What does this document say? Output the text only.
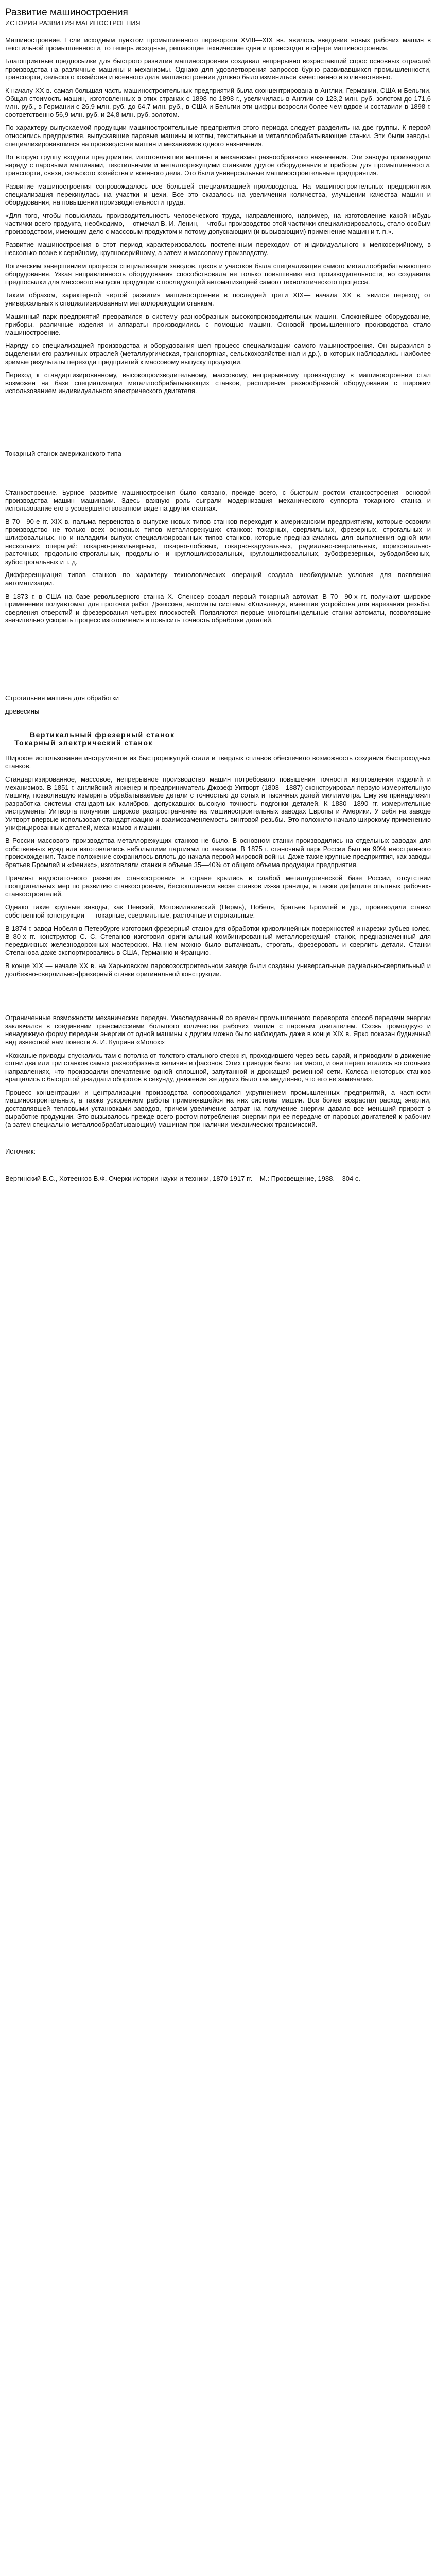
Развитие машиностроения
ИСТОРИЯ РАЗВИТИЯ МАГИНОСТРОЕНИЯ

Машиностроение. Если исходным пунктом промышленного переворота XVIII—XIX вв. явилось введение новых рабочих машин в текстильной промышленности, то теперь исходные, решающие технические сдвиги происходят в сфере машиностроения.

Благоприятные предпосылки для быстрого развития машиностроения создавал непрерывно возраставший спрос основных отраслей производства на различные машины и механизмы. Однако для удовлетворения запросов бурно развивавшихся промышленности, транспорта, сельского хозяйства и военного дела машиностроение должно было измениться качественно и количественно.

К началу XX в. самая большая часть машиностроительных предприятий была сконцентрирована в Англии, Германии, США и Бельгии. Общая стоимость машин, изготовленных в этих странах с 1898 по 1898 г., увеличилась в Англии со 123,2 млн. руб. золотом до 171,6 млн. руб., в Германии с 26,9 млн. руб. до 64,7 млн. руб., в США и Бельгии эти цифры возросли более чем вдвое и составили в 1898 г. соответственно 56,9 млн. руб. и 24,8 млн. руб. золотом.

По характеру выпускаемой продукции машиностроительные предприятия этого периода следует разделить на две группы. К первой относились предприятия, выпускавшие паровые машины и котлы, текстильные и металлообрабатывающие станки. Эти были заводы, специализировавшиеся на производстве машин и механизмов одного назначения.

Во вторую группу входили предприятия, изготовлявшие машины и механизмы разнообразного назначения. Эти заводы производили наряду с паровыми машинами, текстильными и металлорежущими станками другое оборудование и приборы для промышленности, транспорта, связи, сельского хозяйства и военного дела. Это были универсальные машиностроительные предприятия.

Развитие машиностроения сопровождалось все большей специализацией производства. На машиностроительных предприятиях специализация перекинулась на участки и цехи. Все это сказалось на увеличении количества, улучшении качества машин и оборудования, на повышении производительности труда.

«Для того, чтобы повысилась производительность человеческого труда, направленного, например, на изготовление какой-нибудь частички всего продукта, необходимо,— отмечал В. И. Ленин,— чтобы производство этой частички специализировалось, стало особым производством, имеющим дело с массовым продуктом и потому допускающим (и вызывающим) применение машин и т. п.».

Развитие машиностроения в этот период характеризовалось постепенным переходом от индивидуального к мелкосерийному, в несколько позже к серийному, крупносерийному, а затем и массовому производству.

Логическим завершением процесса специализации заводов, цехов и участков была специализация самого металлообрабатывающего оборудования. Узкая направленность оборудования способствовала не только повышению его производительности, но создавала предпосылки для массового выпуска продукции с последующей автоматизацией самого технологического процесса.

Таким образом, характерной чертой развития машиностроения в последней трети XIX— начала XX в. явился переход от универсальных к специализированным металлорежущим станкам.

Машинный парк предприятий превратился в систему разнообразных высокопроизводительных машин. Сложнейшее оборудование, приборы, различные изделия и аппараты производились с помощью машин. Основой промышленного производства стало машиностроение.

Наряду со специализацией производства и оборудования шел процесс специализации самого машиностроения. Он выразился в выделении его различных отраслей (металлургическая, транспортная, сельскохозяйственная и др.), в которых наблюдались наиболее зримые результаты перехода предприятий к массовому выпуску продукции.

Переход к стандартизированному, высокопроизводительному, массовому, непрерывному производству в машиностроении стал возможен на базе специализации металлообрабатывающих станков, расширения разнообразной оборудования с широким использованием индивидуального электрического двигателя.

Токарный станок американского типа

Станкостроение. Бурное развитие машиностроения было связано, прежде всего, с быстрым ростом станкостроения—основой производства машин машинами. Здесь важную роль сыграли модернизация механического суппорта токарного станка и использование его в усовершенствованном виде на других станках.

В 70—90-е гг. XIX в. пальма первенства в выпуске новых типов станков переходит к американским предприятиям, которые освоили производство не только всех основных типов металлорежущих станков: токарных, сверлильных, фрезерных, строгальных и шлифовальных, но и наладили выпуск специализированных типов станков, которые предназначались для выполнения одной или нескольких операций: токарно-револьверных, токарно-лобовых, токарно-карусельных, радиально-сверлильных, горизонтально-расточных, продольно-строгальных, продольно- и круглошлифовальных, круглошлифовальных, зубофрезерных, зубодолбежных, зубострогальных и т. д.

Дифференциация типов станков по характеру технологических операций создала необходимые условия для появления автоматизации.

В 1873 г. в США на базе револьверного станка Х. Спенсер создал первый токарный автомат. В 70—90-х гг. получают широкое применение полуавтомат для проточки работ Джексона, автоматы системы «Кливленд», имевшие устройства для нарезания резьбы, сверления отверстий и фрезерования четырех плоскостей. Появляются первые многошпиндельные станки-автоматы, позволявшие значительно ускорить процесс изготовления и повысить точность обработки деталей.

Строгальная машина для обработки
древесины
Вертикальный фрезерный станок
Токарный электрический станок

Широкое использование инструментов из быстрорежущей стали и твердых сплавов обеспечило возможность создания быстроходных станков.

Стандартизированное, массовое, непрерывное производство машин потребовало повышения точности изготовления изделий и механизмов. В 1851 г. английский инженер и предприниматель Джозеф Уитворт (1803—1887) сконструировал первую измерительную машину, позволившую измерить обрабатываемые детали с точностью до сотых и тысячных долей миллиметра. Ему же принадлежит разработка системы стандартных калибров, допускавших высокую точность подгонки деталей. К 1880—1890 гг. измерительные инструменты Уитворта получили широкое распространение на машиностроительных заводах Европы и Америки. У себя на заводе Уитворт впервые использовал стандартизацию и взаимозаменяемость винтовой резьбы. Это положило начало широкому применению унифицированных деталей, механизмов и машин.

В России массового производства металлорежущих станков не было. В основном станки производились на отдельных заводах для собственных нужд или изготовлялись небольшими партиями по заказам. В 1875 г. станочный парк России был на 90% иностранного происхождения. Такое положение сохранилось вплоть до начала первой мировой войны. Даже такие крупные предприятия, как заводы братьев Бромлей и «Феникс», изготовляли станки в объеме 35—40% от общего объема продукции предприятия.

Причины недостаточного развития станкостроения в стране крылись в слабой металлургической базе России, отсутствии поощрительных мер по развитию станкостроения, беспошлинном ввозе станков из-за границы, а также дефиците опытных рабочих-станкостроителей.

Однако такие крупные заводы, как Невский, Мотовилихинский (Пермь), Нобеля, братьев Бромлей и др., производили станки собственной конструкции — токарные, сверлильные, расточные и строгальные.

В 1874 г. завод Нобеля в Петербурге изготовил фрезерный станок для обработки криволинейных поверхностей и нарезки зубьев колес. В 80-х гг. конструктор С. С. Степанов изготовил оригинальный комбинированный металлорежущий станок, предназначенный для передвижных железнодорожных мастерских. На нем можно было вытачивать, строгать, фрезеровать и сверлить детали. Станки Степанова даже экспортировались в США, Германию и Францию.

В конце XIX — начале XX в. на Харьковском паровозостроительном заводе были созданы универсальные радиально-сверлильный и долбежно-сверлильно-фрезерный станки оригинальной конструкции.

Ограниченные возможности механических передач. Унаследованный со времен промышленного переворота способ передачи энергии заключался в соединении трансмиссиями большого количества рабочих машин с паровым двигателем. Схожь громоздкую и ненадежную форму передачи энергии от одной машины к другим можно было наблюдать даже в конце XIX в. Ярко показан будничный вид известной нам повести А. И. Куприна «Молох»:

«Кожаные приводы спускались там с потолка от толстого стального стержня, проходившего через весь сарай, и приводили в движение сотни два или три станков самых разнообразных величин и фасонов. Этих приводов было так много, и они переплетались во стольких направлениях, что производили впечатление одной сплошной, запутанной и дрожащей ременной сети. Колеса некоторых станков вращались с быстротой двадцати оборотов в секунду, движение же других было так медленно, что его не замечали».

Процесс концентрации и централизации производства сопровождался укрупнением промышленных предприятий, а частности машиностроительных, а также ускорением работы применявшейся на них системы машин. Все более возрастал расход энергии, доставлявшей тепловыми установками заводов, причем увеличение затрат на получение энергии давало все меньший прирост в выработке продукции. Это вызывалось прежде всего ростом потребления энергии при ее передаче от паровых двигателей к рабочим (а затем специально металлообрабатывающим) машинам при наличии механических трансмиссий.

Источник:

Вергинский В.С., Хотеенков В.Ф. Очерки истории науки и техники, 1870-1917 гг. – М.: Просвещение, 1988. – 304 с.
